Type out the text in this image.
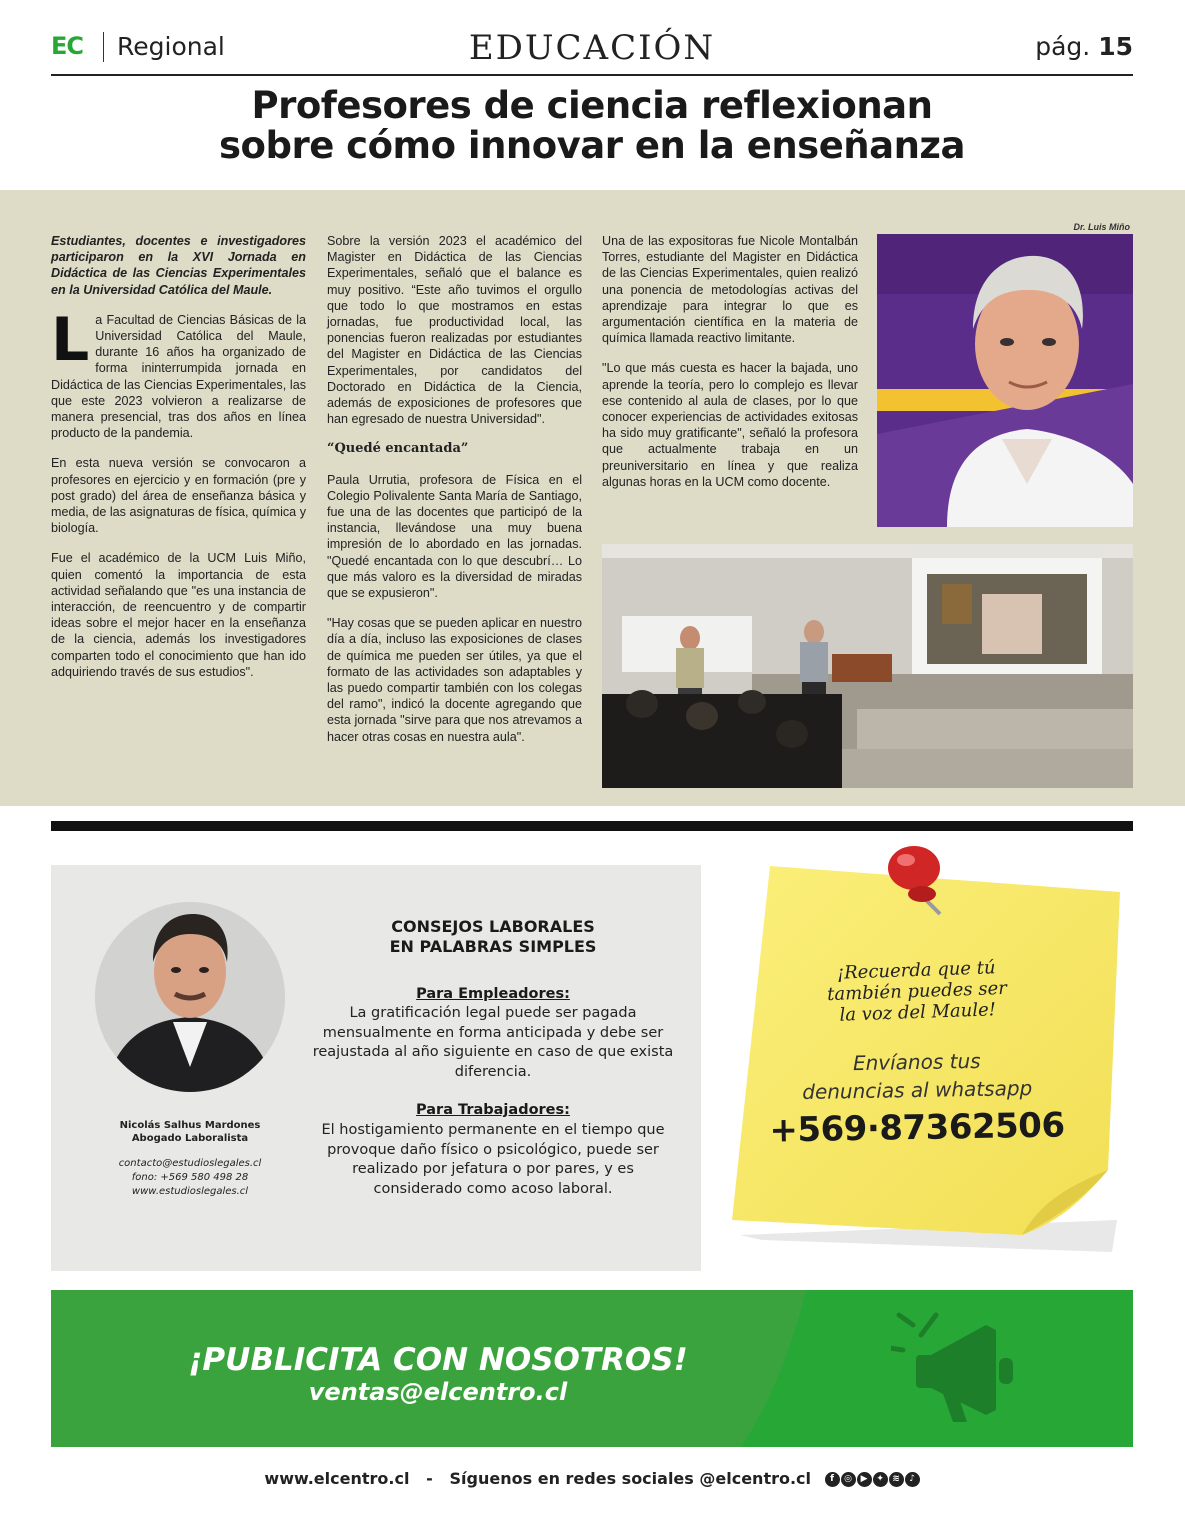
EC Regional	EDUCACIÓN	pág. 15
Profesores de ciencia reflexionan
sobre cómo innovar en la enseñanza

Estudiantes, docentes e investigadores participaron en la XVI Jornada en Didáctica de las Ciencias Experimentales en la Universidad Católica del Maule.

La Facultad de Ciencias Básicas de la Universidad Católica del Maule, durante 16 años ha organizado de forma ininterrumpida jornada en Didáctica de las Ciencias Experimentales, las que este 2023 volvieron a realizarse de manera presencial, tras dos años en línea producto de la pandemia.

En esta nueva versión se convocaron a profesores en ejercicio y en formación (pre y post grado) del área de enseñanza básica y media, de las asignaturas de física, química y biología.

Fue el académico de la UCM Luis Miño, quien comentó la importancia de esta actividad señalando que "es una instancia de interacción, de reencuentro y de compartir ideas sobre el mejor hacer en la enseñanza de la ciencia, además los investigadores comparten todo el conocimiento que han ido adquiriendo través de sus estudios".

Sobre la versión 2023 el académico del Magister en Didáctica de las Ciencias Experimentales, señaló que el balance es muy positivo. “Este año tuvimos el orgullo que todo lo que mostramos en estas jornadas, fue productividad local, las ponencias fueron realizadas por estudiantes del Magister en Didáctica de las Ciencias Experimentales, por candidatos del Doctorado en Didáctica de la Ciencia, además de exposiciones de profesores que han egresado de nuestra Universidad".

“Quedé encantada”

Paula Urrutia, profesora de Física en el Colegio Polivalente Santa María de Santiago, fue una de las docentes que participó de la instancia, llevándose una muy buena impresión de lo abordado en las jornadas. "Quedé encantada con lo que descubrí… Lo que más valoro es la diversidad de miradas que se expusieron".

"Hay cosas que se pueden aplicar en nuestro día a día, incluso las exposiciones de clases de química me pueden ser útiles, ya que el formato de las actividades son adaptables y las puedo compartir también con los colegas del ramo", indicó la docente agregando que esta jornada "sirve para que nos atrevamos a hacer otras cosas en nuestra aula".

Una de las expositoras fue Nicole Montalbán Torres, estudiante del Magister en Didáctica de las Ciencias Experimentales, quien realizó una ponencia de metodologías activas del aprendizaje para integrar lo que es argumentación científica en la materia de química llamada reactivo limitante.

"Lo que más cuesta es hacer la bajada, uno aprende la teoría, pero lo complejo es llevar ese contenido al aula de clases, por lo que conocer experiencias de actividades exitosas ha sido muy gratificante", señaló la profesora que actualmente trabaja en un preuniversitario en línea y que realiza algunas horas en la UCM como docente.

Dr. Luis Miño
Nicolás Salhus Mardones
Abogado Laboralista
contacto@estudioslegales.cl
fono: +569 580 498 28
www.estudioslegales.cl
CONSEJOS LABORALES
EN PALABRAS SIMPLES
Para Empleadores:
La gratificación legal puede ser pagada mensualmente en forma anticipada y debe ser reajustada al año siguiente en caso de que exista diferencia.
Para Trabajadores:
El hostigamiento permanente en el tiempo que provoque daño físico o psicológico, puede ser realizado por jefatura o por pares, y es considerado como acoso laboral.
¡Recuerda que tú
también puedes ser
la voz del Maule!
Envíanos tus
denuncias al whatsapp
+569·87362506
¡PUBLICITA CON NOSOTROS!
ventas@elcentro.cl
www.elcentro.cl - Síguenos en redes sociales @elcentro.cl f ◎ ▶ ✦ ≋ ♪
